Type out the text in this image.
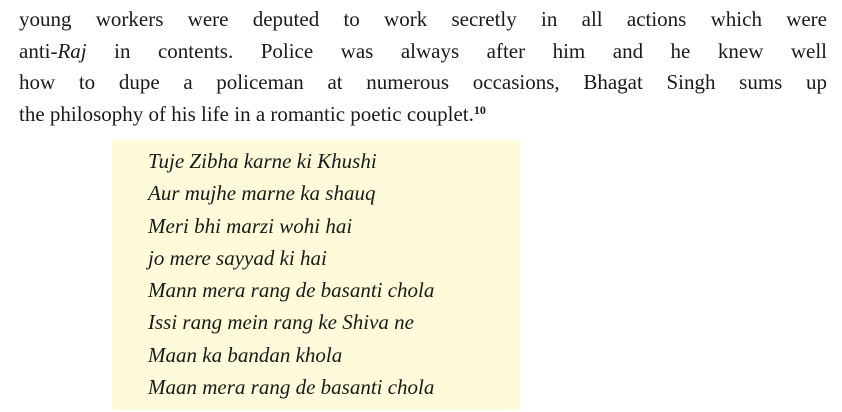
young workers were deputed to work secretly in all actions which were
anti-Raj in contents. Police was always after him and he knew well
how to dupe a policeman at numerous occasions, Bhagat Singh sums up
the philosophy of his life in a romantic poetic couplet.$^{10}$
Tuje Zibha karne ki Khushi
Aur mujhe marne ka shauq
Meri bhi marzi wohi hai
jo mere sayyad ki hai
Mann mera rang de basanti chola
Issi rang mein rang ke Shiva ne
Maan ka bandan khola
Maan mera rang de basanti chola
